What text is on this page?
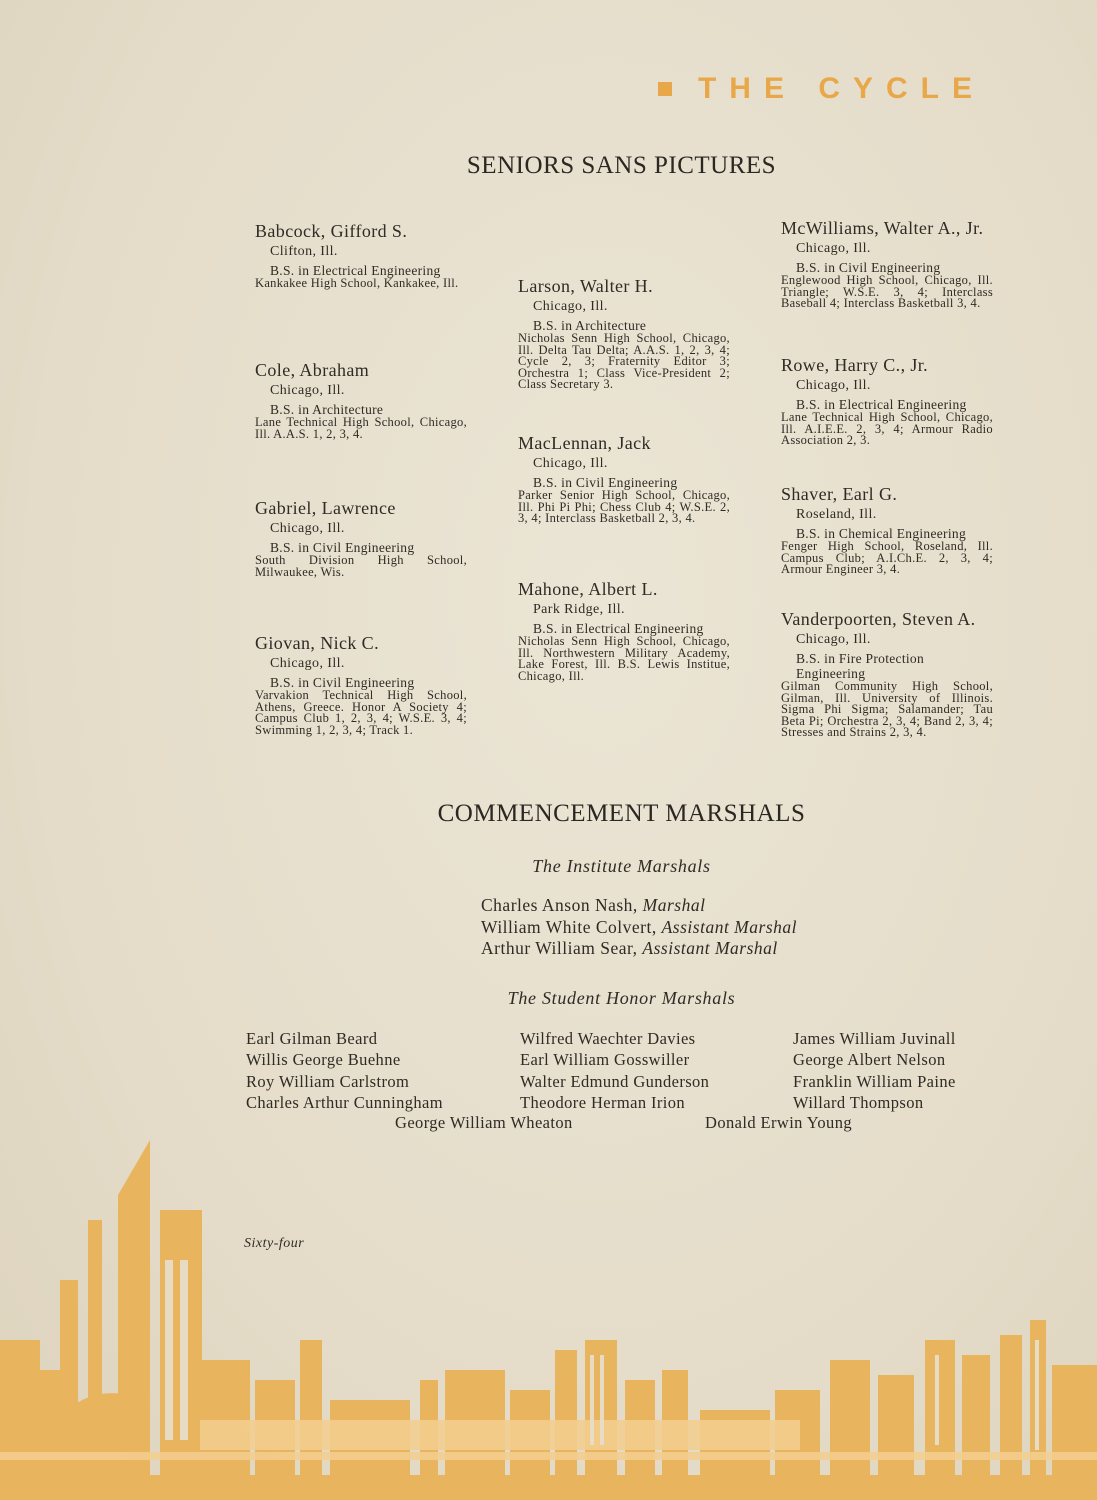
THE CYCLE
SENIORS SANS PICTURES

Babcock, Gifford S.

Clifton, Ill.

B.S. in Electrical Engineering

Kankakee High School, Kankakee, Ill.

Cole, Abraham

Chicago, Ill.

B.S. in Architecture

Lane Technical High School, Chicago, Ill. A.A.S. 1, 2, 3, 4.

Gabriel, Lawrence

Chicago, Ill.

B.S. in Civil Engineering

South Division High School, Milwaukee, Wis.

Giovan, Nick C.

Chicago, Ill.

B.S. in Civil Engineering

Varvakion Technical High School, Athens, Greece. Honor A Society 4; Campus Club 1, 2, 3, 4; W.S.E. 3, 4; Swimming 1, 2, 3, 4; Track 1.

Larson, Walter H.

Chicago, Ill.

B.S. in Architecture

Nicholas Senn High School, Chicago, Ill. Delta Tau Delta; A.A.S. 1, 2, 3, 4; Cycle 2, 3; Fraternity Editor 3; Orchestra 1; Class Vice-President 2; Class Secretary 3.

MacLennan, Jack

Chicago, Ill.

B.S. in Civil Engineering

Parker Senior High School, Chicago, Ill. Phi Pi Phi; Chess Club 4; W.S.E. 2, 3, 4; Interclass Basketball 2, 3, 4.

Mahone, Albert L.

Park Ridge, Ill.

B.S. in Electrical Engineering

Nicholas Senn High School, Chicago, Ill. Northwestern Military Academy, Lake Forest, Ill. B.S. Lewis Institue, Chicago, Ill.

McWilliams, Walter A., Jr.

Chicago, Ill.

B.S. in Civil Engineering

Englewood High School, Chicago, Ill. Triangle; W.S.E. 3, 4; Interclass Baseball 4; Interclass Basketball 3, 4.

Rowe, Harry C., Jr.

Chicago, Ill.

B.S. in Electrical Engineering

Lane Technical High School, Chicago, Ill. A.I.E.E. 2, 3, 4; Armour Radio Association 2, 3.

Shaver, Earl G.

Roseland, Ill.

B.S. in Chemical Engineering

Fenger High School, Roseland, Ill. Campus Club; A.I.Ch.E. 2, 3, 4; Armour Engineer 3, 4.

Vanderpoorten, Steven A.

Chicago, Ill.

B.S. in Fire Protection Engineering

Gilman Community High School, Gilman, Ill. University of Illinois. Sigma Phi Sigma; Salamander; Tau Beta Pi; Orchestra 2, 3, 4; Band 2, 3, 4; Stresses and Strains 2, 3, 4.

COMMENCEMENT MARSHALS
The Institute Marshals
Charles Anson Nash, Marshal
William White Colvert, Assistant Marshal
Arthur William Sear, Assistant Marshal
The Student Honor Marshals
Earl Gilman Beard
Willis George Buehne
Roy William Carlstrom
Charles Arthur Cunningham
Wilfred Waechter Davies
Earl William Gosswiller
Walter Edmund Gunderson
Theodore Herman Irion
James William Juvinall
George Albert Nelson
Franklin William Paine
Willard Thompson
George William Wheaton	Donald Erwin Young
Sixty-four
